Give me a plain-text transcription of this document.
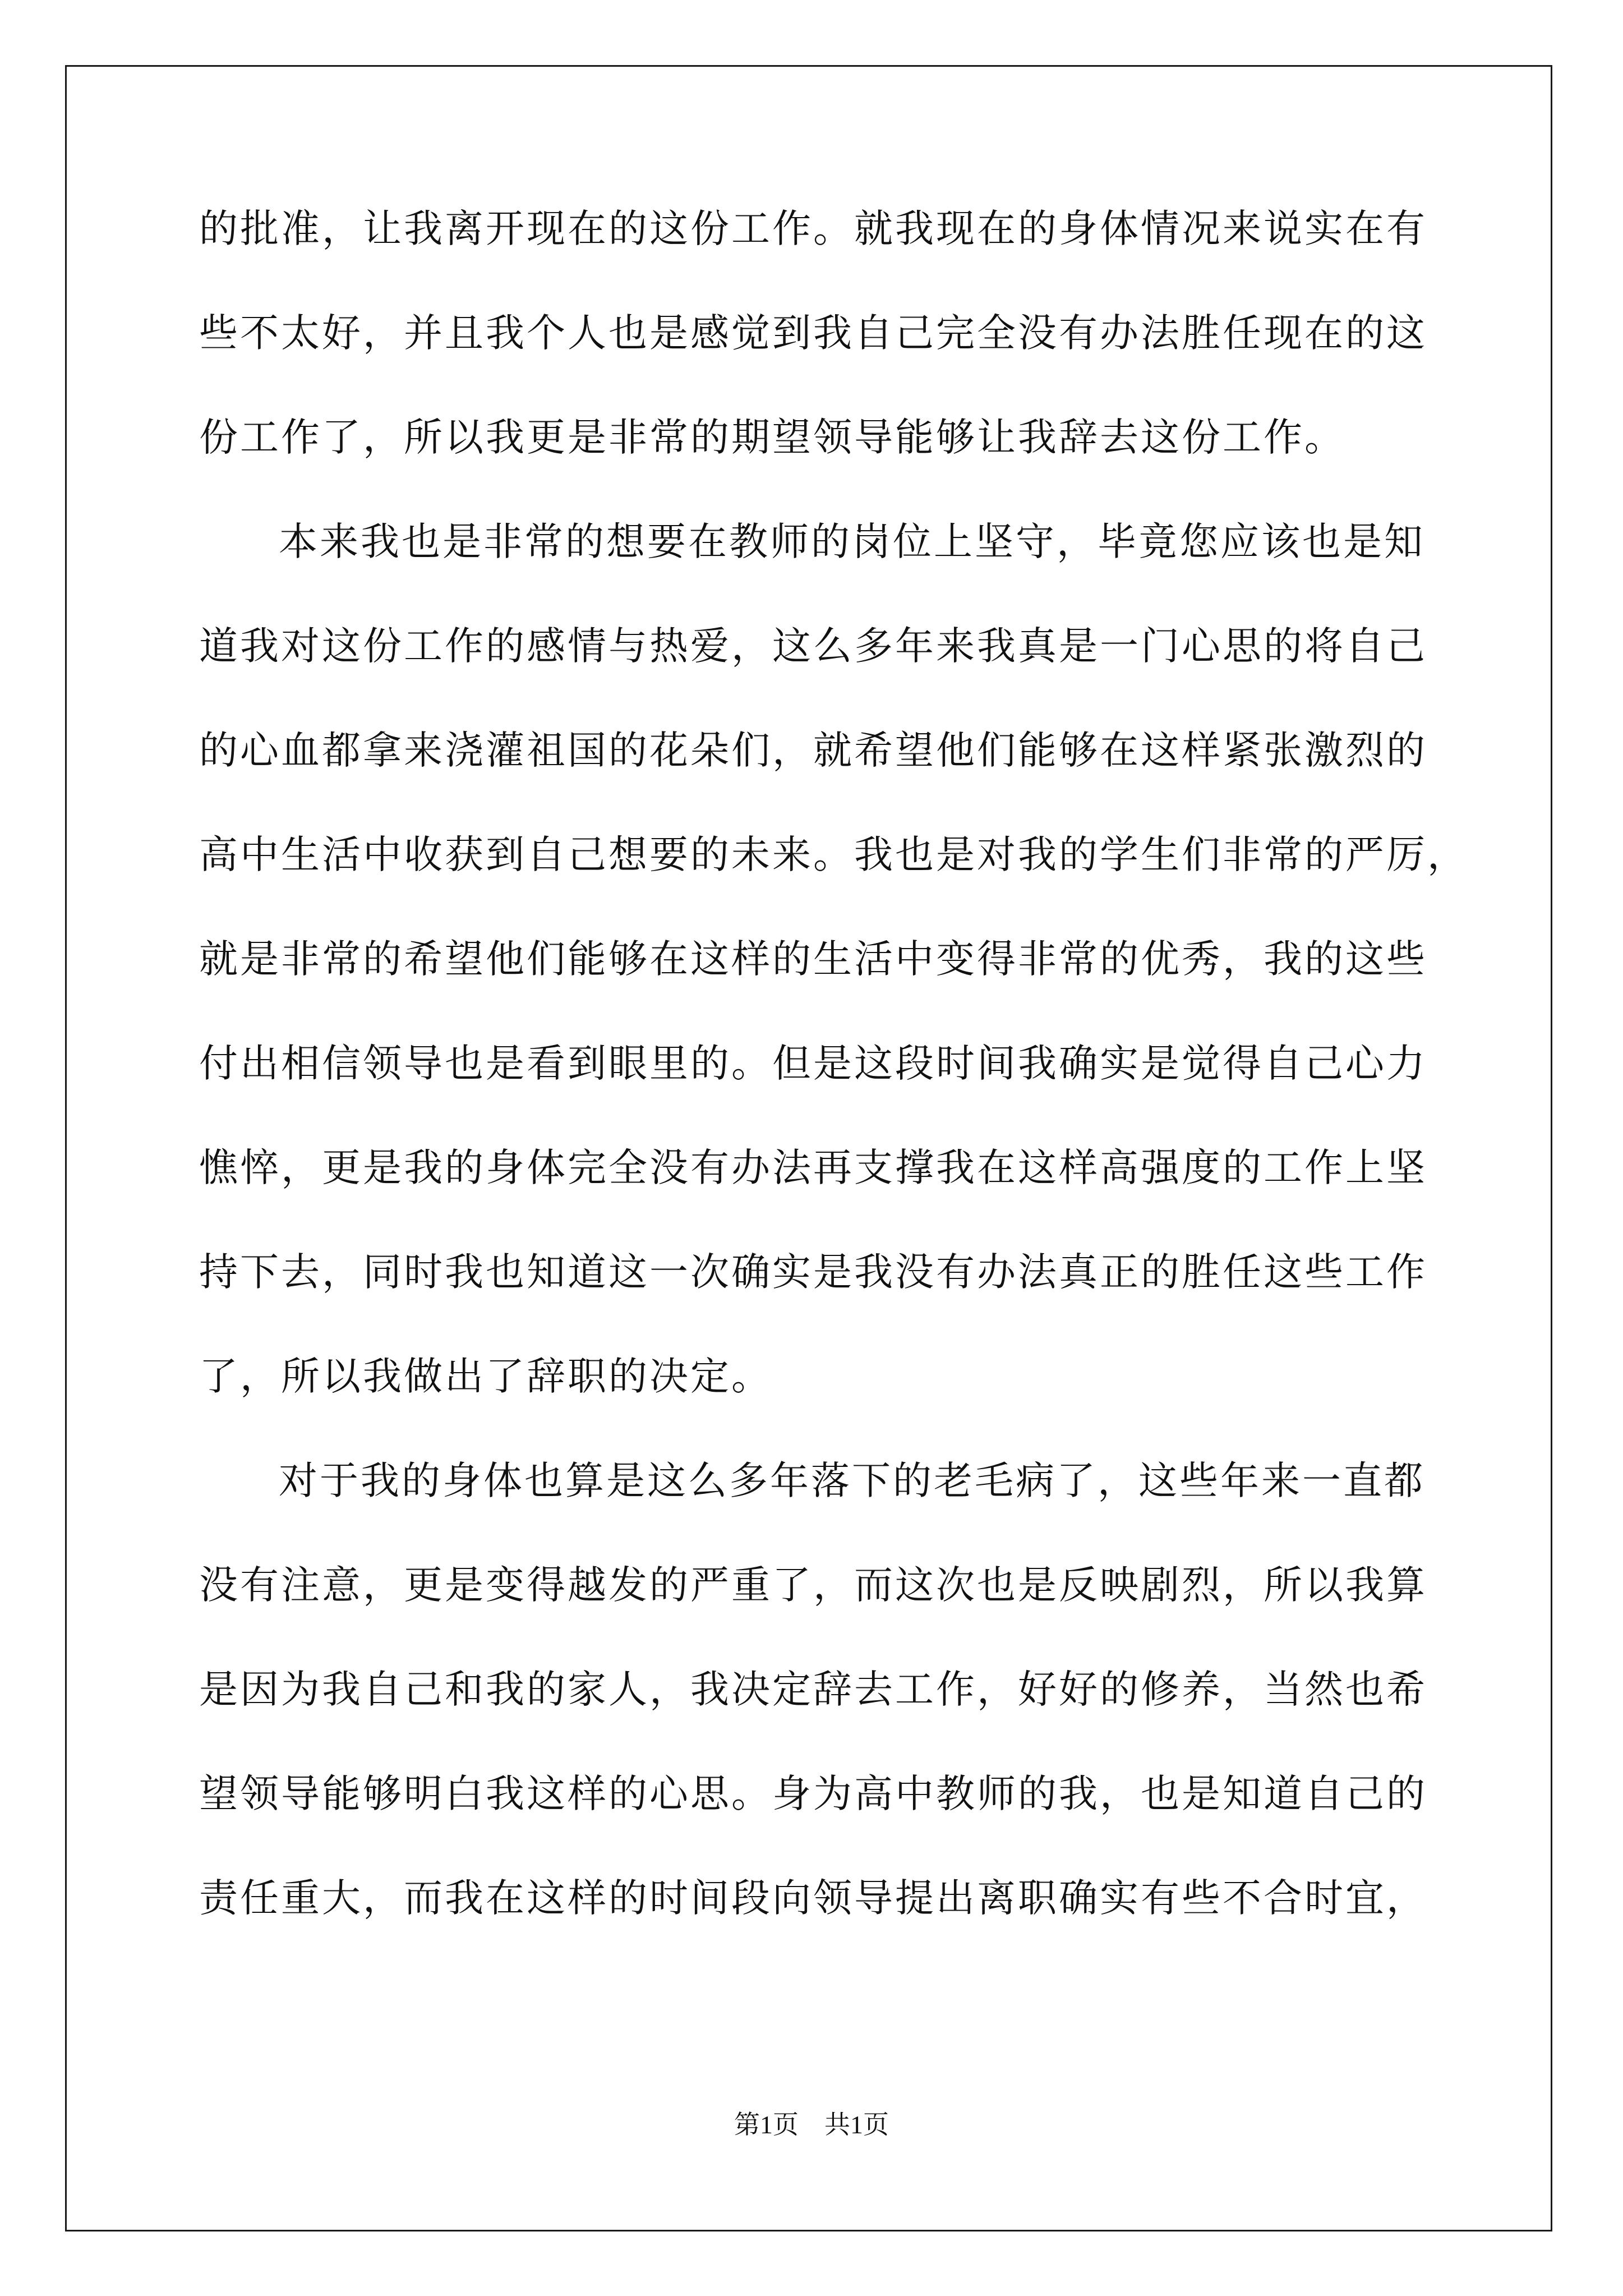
的批准，让我离开现在的这份工作。就我现在的身体情况来说实在有
些不太好，并且我个人也是感觉到我自己完全没有办法胜任现在的这
份工作了，所以我更是非常的期望领导能够让我辞去这份工作。
本来我也是非常的想要在教师的岗位上坚守，毕竟您应该也是知
道我对这份工作的感情与热爱，这么多年来我真是一门心思的将自己
的心血都拿来浇灌祖国的花朵们，就希望他们能够在这样紧张激烈的
高中生活中收获到自己想要的未来。我也是对我的学生们非常的严厉，
就是非常的希望他们能够在这样的生活中变得非常的优秀，我的这些
付出相信领导也是看到眼里的。但是这段时间我确实是觉得自己心力
憔悴，更是我的身体完全没有办法再支撑我在这样高强度的工作上坚
持下去，同时我也知道这一次确实是我没有办法真正的胜任这些工作
了，所以我做出了辞职的决定。
对于我的身体也算是这么多年落下的老毛病了，这些年来一直都
没有注意，更是变得越发的严重了，而这次也是反映剧烈，所以我算
是因为我自己和我的家人，我决定辞去工作，好好的修养，当然也希
望领导能够明白我这样的心思。身为高中教师的我，也是知道自己的
责任重大，而我在这样的时间段向领导提出离职确实有些不合时宜，
第1页　共1页
